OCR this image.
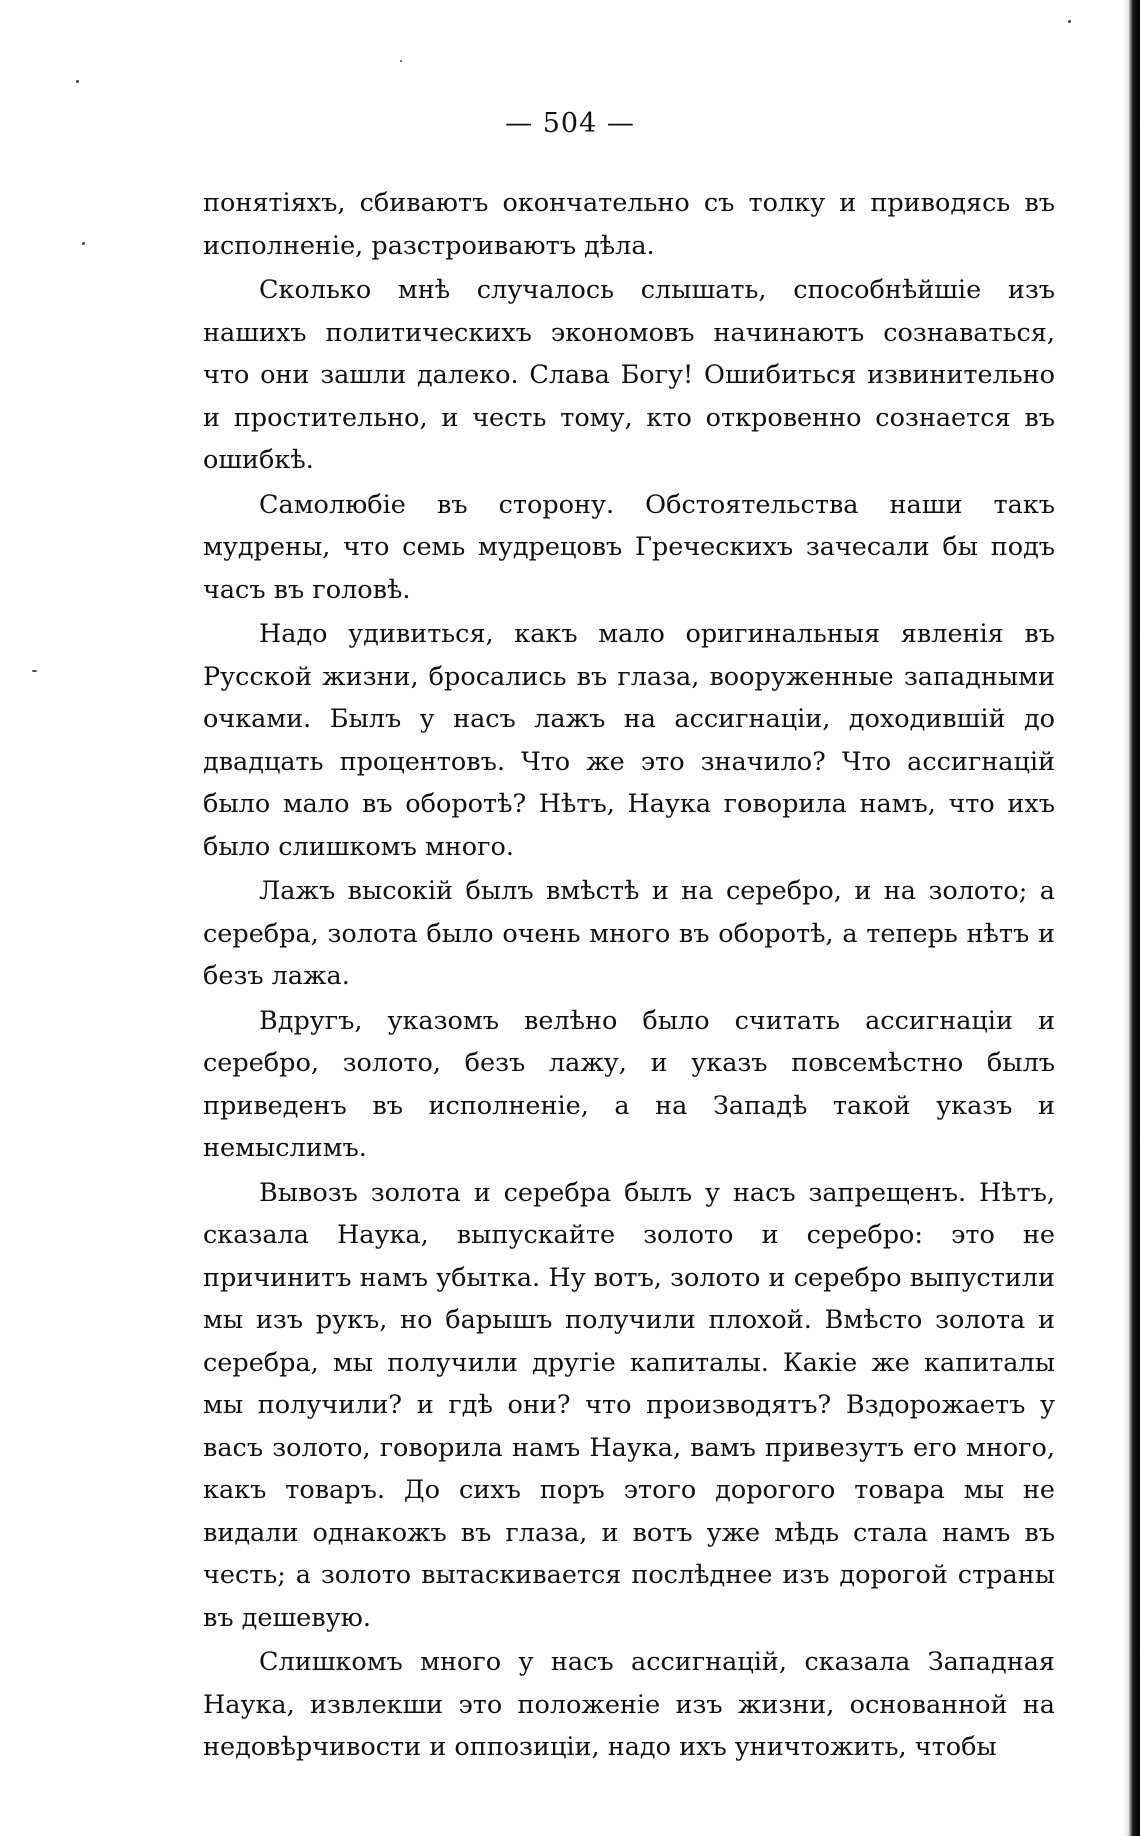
— 504 —

понятіяхъ, сбиваютъ окончательно съ толку и приводясь въ исполненіе, разстроиваютъ дѣла.

Сколько мнѣ случалось слышать, способнѣйшіе изъ нашихъ политическихъ экономовъ начинаютъ сознаваться, что они зашли далеко. Слава Богу! Ошибиться извинительно и простительно, и честь тому, кто откровенно сознается въ ошибкѣ.

Самолюбіе въ сторону. Обстоятельства наши такъ мудрены, что семь мудрецовъ Греческихъ зачесали бы подъ часъ въ головѣ.

Надо удивиться, какъ мало оригинальныя явленія въ Русской жизни, бросались въ глаза, вооруженные западными очками. Былъ у насъ лажъ на ассигнаціи, доходившій до двадцать процентовъ. Что же это значило? Что ассигнацій было мало въ оборотѣ? Нѣтъ, Наука говорила намъ, что ихъ было слишкомъ много.

Лажъ высокій былъ вмѣстѣ и на серебро, и на золото; а серебра, золота было очень много въ оборотѣ, а теперь нѣтъ и безъ лажа.

Вдругъ, указомъ велѣно было считать ассигнаціи и серебро, золото, безъ лажу, и указъ повсемѣстно былъ приведенъ въ исполненіе, а на Западѣ такой указъ и немыслимъ.

Вывозъ золота и серебра былъ у насъ запрещенъ. Нѣтъ, сказала Наука, выпускайте золото и серебро: это не причинитъ намъ убытка. Ну вотъ, золото и серебро выпустили мы изъ рукъ, но барышъ получили плохой. Вмѣсто золота и серебра, мы получили другіе капиталы. Какіе же капиталы мы получили? и гдѣ они? что производятъ? Вздорожаетъ у васъ золото, говорила намъ Наука, вамъ привезутъ его много, какъ товаръ. До сихъ поръ этого дорогого товара мы не видали однакожъ въ глаза, и вотъ уже мѣдь стала намъ въ честь; а золото вытаскивается послѣднее изъ дорогой страны въ дешевую.

Слишкомъ много у насъ ассигнацій, сказала Западная Наука, извлекши это положеніе изъ жизни, основанной на недовѣрчивости и оппозиціи, надо ихъ уничтожить, чтобы
